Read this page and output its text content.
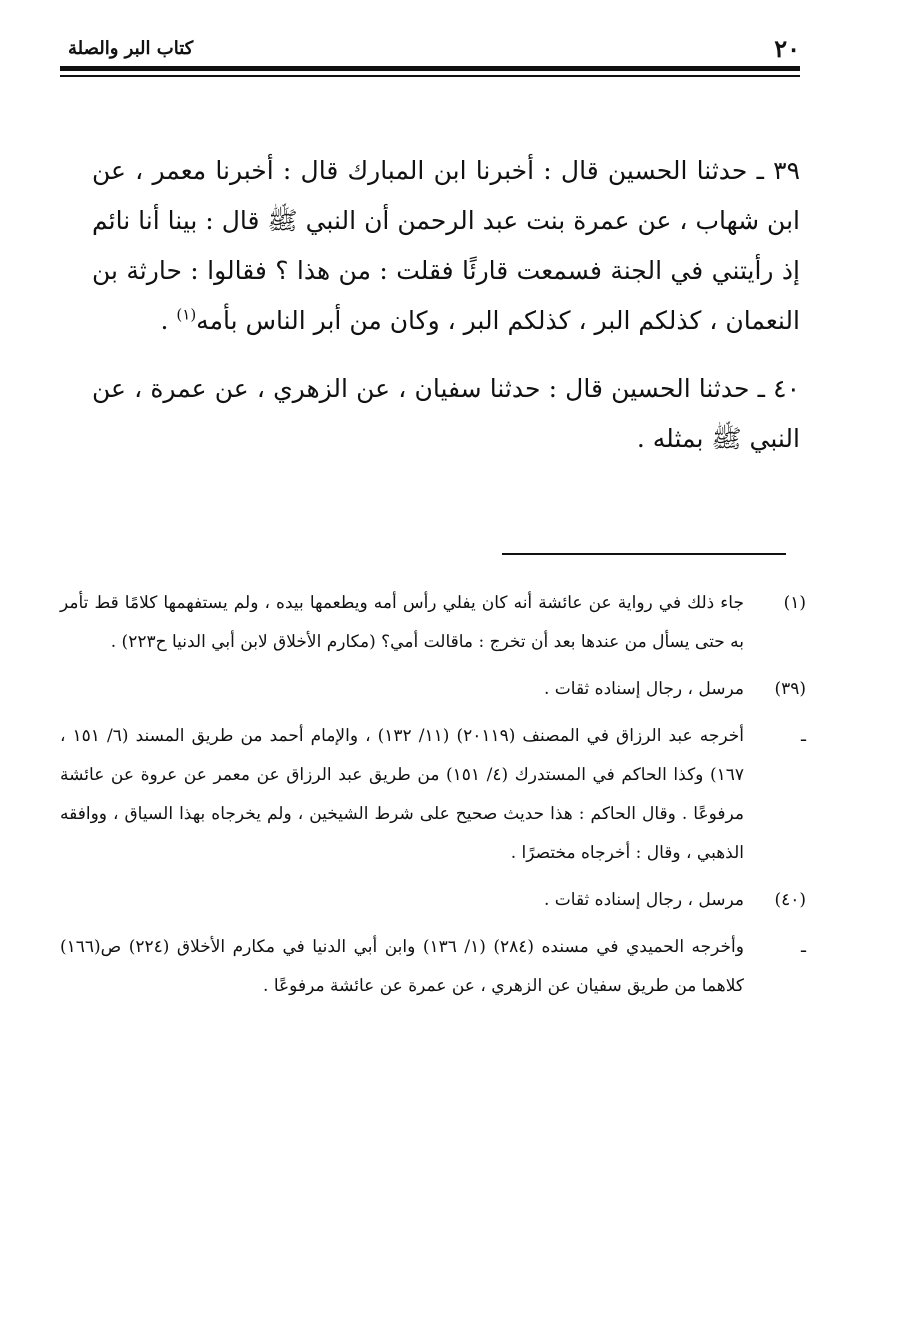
٢٠
كتاب البر والصلة

٣٩ ـ حدثنا الحسين قال : أخبرنا ابن المبارك قال : أخبرنا معمر ، عن ابن شهاب ، عن عمرة بنت عبد الرحمن أن النبي ﷺ قال : بينا أنا نائم إذ رأيتني في الجنة فسمعت قارئًا فقلت : من هذا ؟ فقالوا : حارثة بن النعمان ، كذلكم البر ، كذلكم البر ، وكان من أبر الناس بأمه$^{(١)}$ .

٤٠ ـ حدثنا الحسين قال : حدثنا سفيان ، عن الزهري ، عن عمرة ، عن النبي ﷺ بمثله .

(١)
جاء ذلك في رواية عن عائشة أنه كان يفلي رأس أمه ويطعمها بيده ، ولم يستفهمها كلامًا قط تأمر به حتى يسأل من عندها بعد أن تخرج : ماقالت أمي؟ (مكارم الأخلاق لابن أبي الدنيا ح٢٢٣) .
(٣٩)
مرسل ، رجال إسناده ثقات .
ـ
أخرجه عبد الرزاق في المصنف (٢٠١١٩) (١١/ ١٣٢) ، والإمام أحمد من طريق المسند (٦/ ١٥١ ، ١٦٧) وكذا الحاكم في المستدرك (٤/ ١٥١) من طريق عبد الرزاق عن معمر عن عروة عن عائشة مرفوعًا . وقال الحاكم : هذا حديث صحيح على شرط الشيخين ، ولم يخرجاه بهذا السياق ، ووافقه الذهبي ، وقال : أخرجاه مختصرًا .
(٤٠)
مرسل ، رجال إسناده ثقات .
ـ
وأخرجه الحميدي في مسنده (٢٨٤) (١/ ١٣٦) وابن أبي الدنيا في مكارم الأخلاق (٢٢٤) ص(١٦٦) كلاهما من طريق سفيان عن الزهري ، عن عمرة عن عائشة مرفوعًا .
